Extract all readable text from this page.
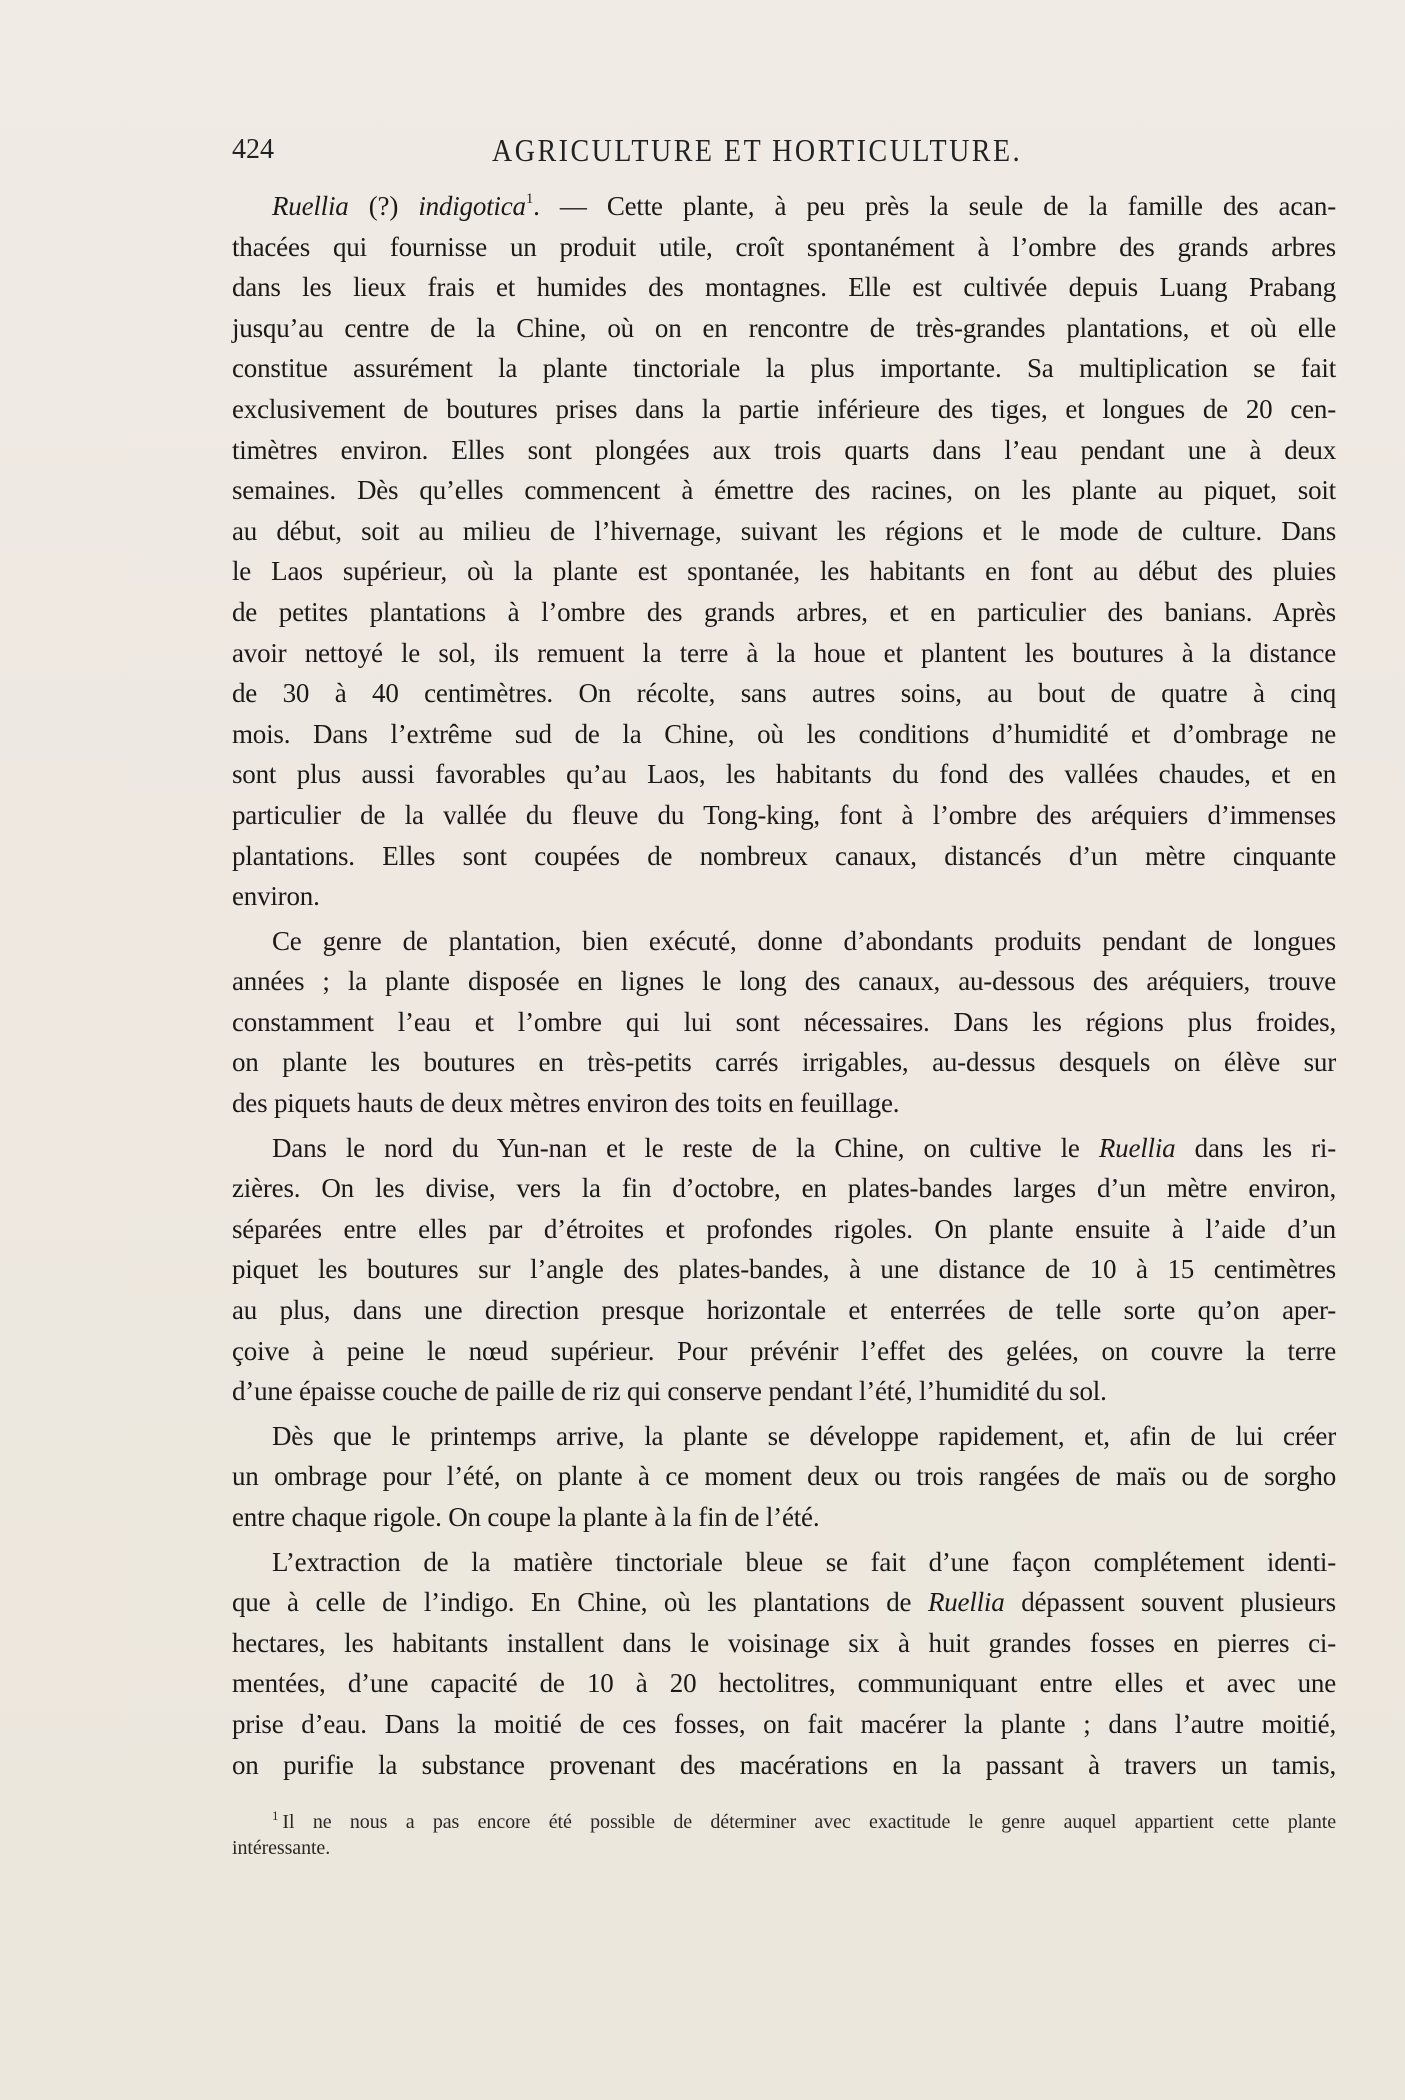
424	AGRICULTURE ET HORTICULTURE.
Ruellia (?) indigotica$^1$. — Cette plante, à peu près la seule de la famille des acan-
thacées qui fournisse un produit utile, croît spontanément à l’ombre des grands arbres
dans les lieux frais et humides des montagnes. Elle est cultivée depuis Luang Prabang
jusqu’au centre de la Chine, où on en rencontre de très-grandes plantations, et où elle
constitue assurément la plante tinctoriale la plus importante. Sa multiplication se fait
exclusivement de boutures prises dans la partie inférieure des tiges, et longues de 20 cen-
timètres environ. Elles sont plongées aux trois quarts dans l’eau pendant une à deux
semaines. Dès qu’elles commencent à émettre des racines, on les plante au piquet, soit
au début, soit au milieu de l’hivernage, suivant les régions et le mode de culture. Dans
le Laos supérieur, où la plante est spontanée, les habitants en font au début des pluies
de petites plantations à l’ombre des grands arbres, et en particulier des banians. Après
avoir nettoyé le sol, ils remuent la terre à la houe et plantent les boutures à la distance
de 30 à 40 centimètres. On récolte, sans autres soins, au bout de quatre à cinq
mois. Dans l’extrême sud de la Chine, où les conditions d’humidité et d’ombrage ne
sont plus aussi favorables qu’au Laos, les habitants du fond des vallées chaudes, et en
particulier de la vallée du fleuve du Tong-king, font à l’ombre des aréquiers d’immenses
plantations. Elles sont coupées de nombreux canaux, distancés d’un mètre cinquante
environ.
Ce genre de plantation, bien exécuté, donne d’abondants produits pendant de longues
années ; la plante disposée en lignes le long des canaux, au-dessous des aréquiers, trouve
constamment l’eau et l’ombre qui lui sont nécessaires. Dans les régions plus froides,
on plante les boutures en très-petits carrés irrigables, au-dessus desquels on élève sur
des piquets hauts de deux mètres environ des toits en feuillage.
Dans le nord du Yun-nan et le reste de la Chine, on cultive le Ruellia dans les ri-
zières. On les divise, vers la fin d’octobre, en plates-bandes larges d’un mètre environ,
séparées entre elles par d’étroites et profondes rigoles. On plante ensuite à l’aide d’un
piquet les boutures sur l’angle des plates-bandes, à une distance de 10 à 15 centimètres
au plus, dans une direction presque horizontale et enterrées de telle sorte qu’on aper-
çoive à peine le nœud supérieur. Pour prévénir l’effet des gelées, on couvre la terre
d’une épaisse couche de paille de riz qui conserve pendant l’été, l’humidité du sol.
Dès que le printemps arrive, la plante se développe rapidement, et, afin de lui créer
un ombrage pour l’été, on plante à ce moment deux ou trois rangées de maïs ou de sorgho
entre chaque rigole. On coupe la plante à la fin de l’été.
L’extraction de la matière tinctoriale bleue se fait d’une façon complétement identi-
que à celle de l’indigo. En Chine, où les plantations de Ruellia dépassent souvent plusieurs
hectares, les habitants installent dans le voisinage six à huit grandes fosses en pierres ci-
mentées, d’une capacité de 10 à 20 hectolitres, communiquant entre elles et avec une
prise d’eau. Dans la moitié de ces fosses, on fait macérer la plante ; dans l’autre moitié,
on purifie la substance provenant des macérations en la passant à travers un tamis,
$^1$ Il ne nous a pas encore été possible de déterminer avec exactitude le genre auquel appartient cette plante
intéressante.
